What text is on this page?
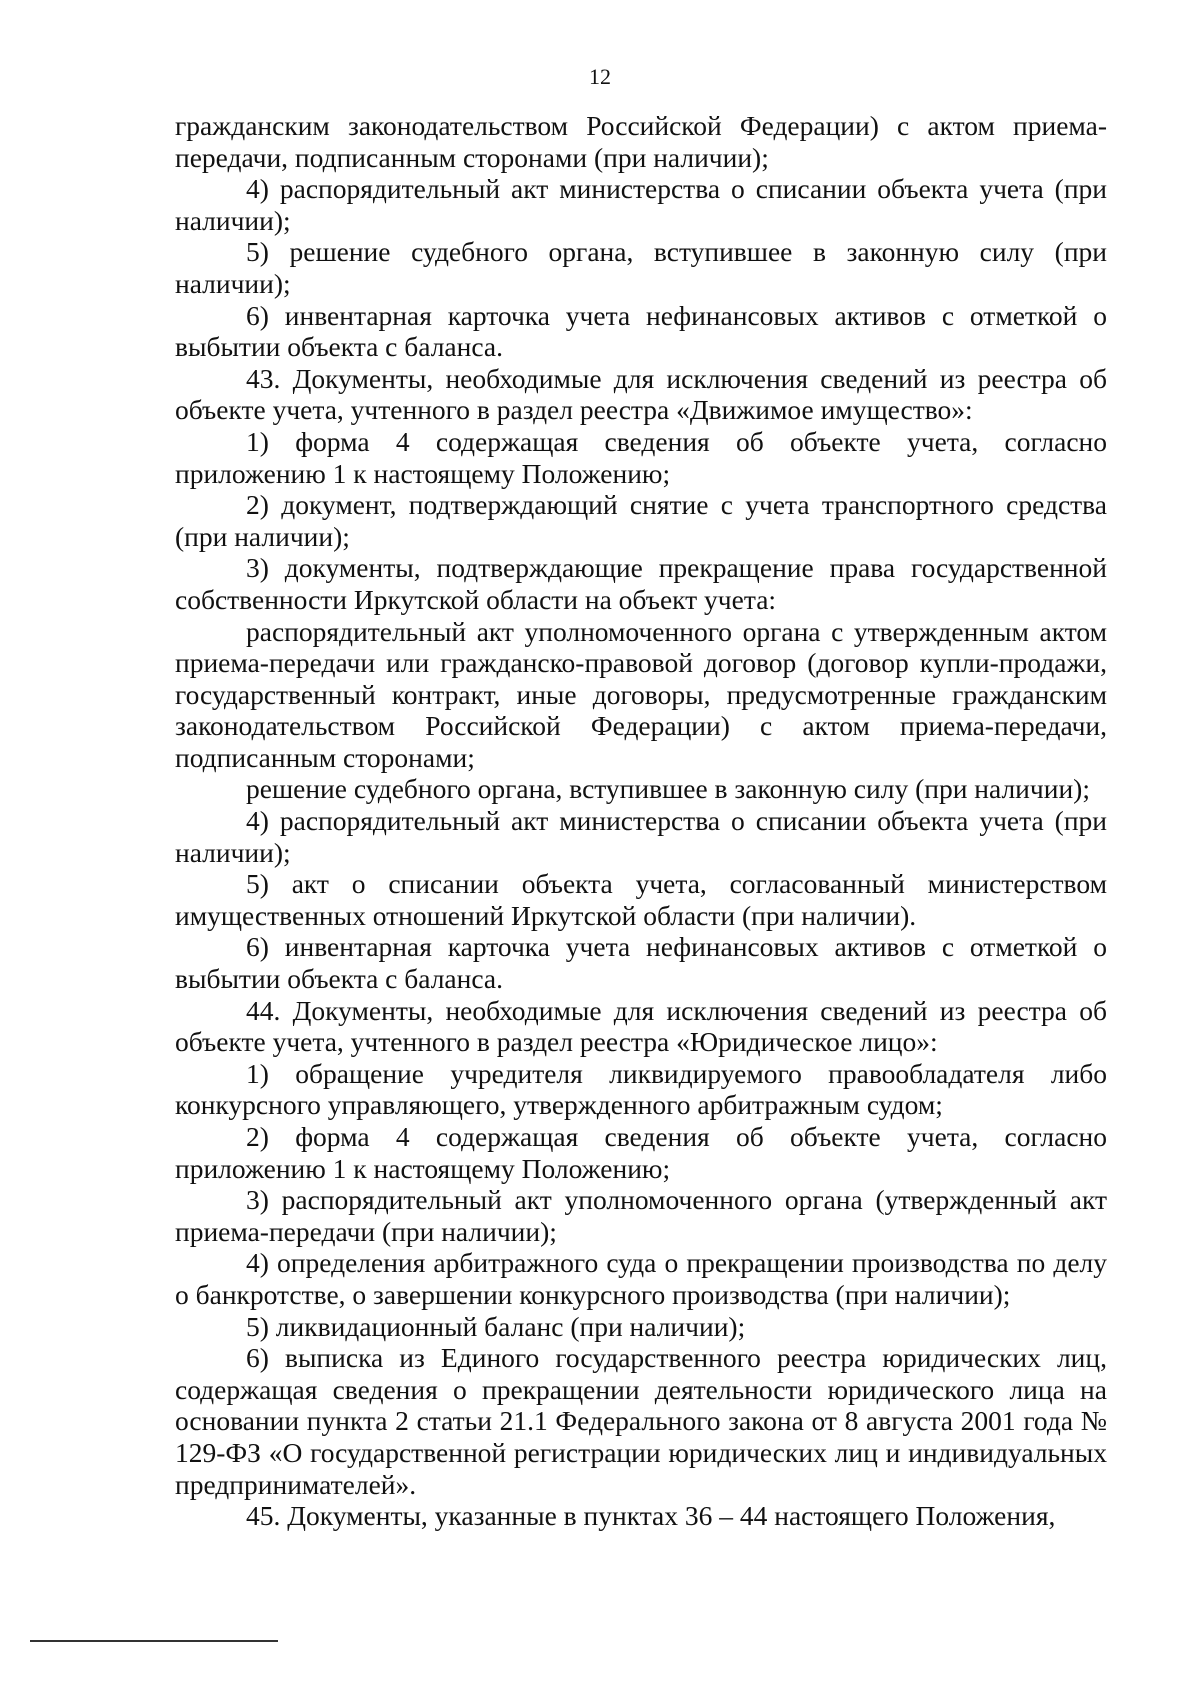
12

гражданским законодательством Российской Федерации) с актом приема-передачи, подписанным сторонами (при наличии);

4) распорядительный акт министерства о списании объекта учета (при наличии);

5) решение судебного органа, вступившее в законную силу (при наличии);

6) инвентарная карточка учета нефинансовых активов с отметкой о выбытии объекта с баланса.

43. Документы, необходимые для исключения сведений из реестра об объекте учета, учтенного в раздел реестра «Движимое имущество»:

1) форма 4 содержащая сведения об объекте учета, согласно приложению 1 к настоящему Положению;

2) документ, подтверждающий снятие с учета транспортного средства (при наличии);

3) документы, подтверждающие прекращение права государственной собственности Иркутской области на объект учета:

распорядительный акт уполномоченного органа с утвержденным актом приема-передачи или гражданско-правовой договор (договор купли-продажи, государственный контракт, иные договоры, предусмотренные гражданским законодательством Российской Федерации) с актом приема-передачи, подписанным сторонами;

решение судебного органа, вступившее в законную силу (при наличии);

4) распорядительный акт министерства о списании объекта учета (при наличии);

5) акт о списании объекта учета, согласованный министерством имущественных отношений Иркутской области (при наличии).

6) инвентарная карточка учета нефинансовых активов с отметкой о выбытии объекта с баланса.

44. Документы, необходимые для исключения сведений из реестра об объекте учета, учтенного в раздел реестра «Юридическое лицо»:

1) обращение учредителя ликвидируемого правообладателя либо конкурсного управляющего, утвержденного арбитражным судом;

2) форма 4 содержащая сведения об объекте учета, согласно приложению 1 к настоящему Положению;

3) распорядительный акт уполномоченного органа (утвержденный акт приема-передачи (при наличии);

4) определения арбитражного суда о прекращении производства по делу о банкротстве, о завершении конкурсного производства (при наличии);

5) ликвидационный баланс (при наличии);

6) выписка из Единого государственного реестра юридических лиц, содержащая сведения о прекращении деятельности юридического лица на основании пункта 2 статьи 21.1 Федерального закона от 8 августа 2001 года № 129-ФЗ «О государственной регистрации юридических лиц и индивидуальных предпринимателей».

45. Документы, указанные в пунктах 36 – 44 настоящего Положения,
